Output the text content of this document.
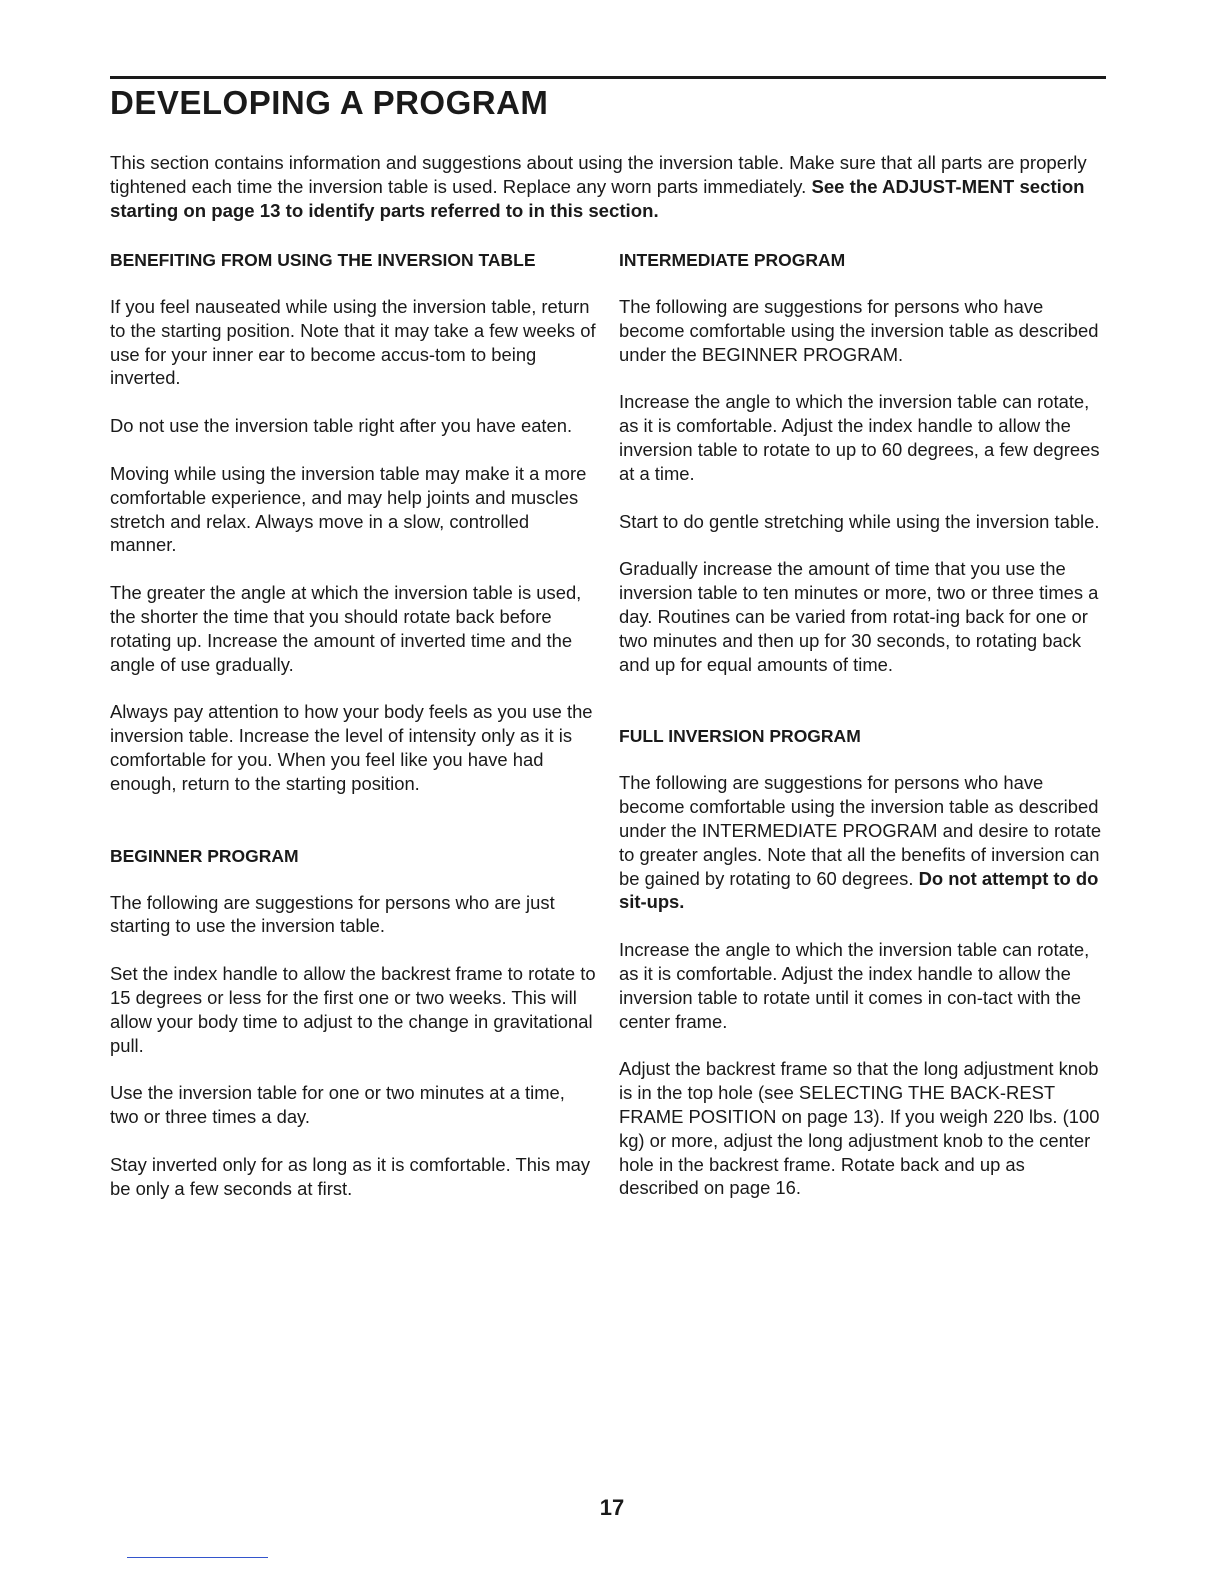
DEVELOPING A PROGRAM

This section contains information and suggestions about using the inversion table. Make sure that all parts are properly tightened each time the inversion table is used. Replace any worn parts immediately. See the ADJUST-MENT section starting on page 13 to identify parts referred to in this section.

BENEFITING FROM USING THE INVERSION TABLE

If you feel nauseated while using the inversion table, return to the starting position. Note that it may take a few weeks of use for your inner ear to become accus-tom to being inverted.

Do not use the inversion table right after you have eaten.

Moving while using the inversion table may make it a more comfortable experience, and may help joints and muscles stretch and relax. Always move in a slow, controlled manner.

The greater the angle at which the inversion table is used, the shorter the time that you should rotate back before rotating up. Increase the amount of inverted time and the angle of use gradually.

Always pay attention to how your body feels as you use the inversion table. Increase the level of intensity only as it is comfortable for you. When you feel like you have had enough, return to the starting position.

BEGINNER PROGRAM

The following are suggestions for persons who are just starting to use the inversion table.

Set the index handle to allow the backrest frame to rotate to 15 degrees or less for the first one or two weeks. This will allow your body time to adjust to the change in gravitational pull.

Use the inversion table for one or two minutes at a time, two or three times a day.

Stay inverted only for as long as it is comfortable. This may be only a few seconds at first.

INTERMEDIATE PROGRAM

The following are suggestions for persons who have become comfortable using the inversion table as described under the BEGINNER PROGRAM.

Increase the angle to which the inversion table can rotate, as it is comfortable. Adjust the index handle to allow the inversion table to rotate to up to 60 degrees, a few degrees at a time.

Start to do gentle stretching while using the inversion table.

Gradually increase the amount of time that you use the inversion table to ten minutes or more, two or three times a day. Routines can be varied from rotat-ing back for one or two minutes and then up for 30 seconds, to rotating back and up for equal amounts of time.

FULL INVERSION PROGRAM

The following are suggestions for persons who have become comfortable using the inversion table as described under the INTERMEDIATE PROGRAM and desire to rotate to greater angles. Note that all the benefits of inversion can be gained by rotating to 60 degrees. Do not attempt to do sit-ups.

Increase the angle to which the inversion table can rotate, as it is comfortable. Adjust the index handle to allow the inversion table to rotate until it comes in con-tact with the center frame.

Adjust the backrest frame so that the long adjustment knob is in the top hole (see SELECTING THE BACK-REST FRAME POSITION on page 13). If you weigh 220 lbs. (100 kg) or more, adjust the long adjustment knob to the center hole in the backrest frame. Rotate back and up as described on page 16.

17
